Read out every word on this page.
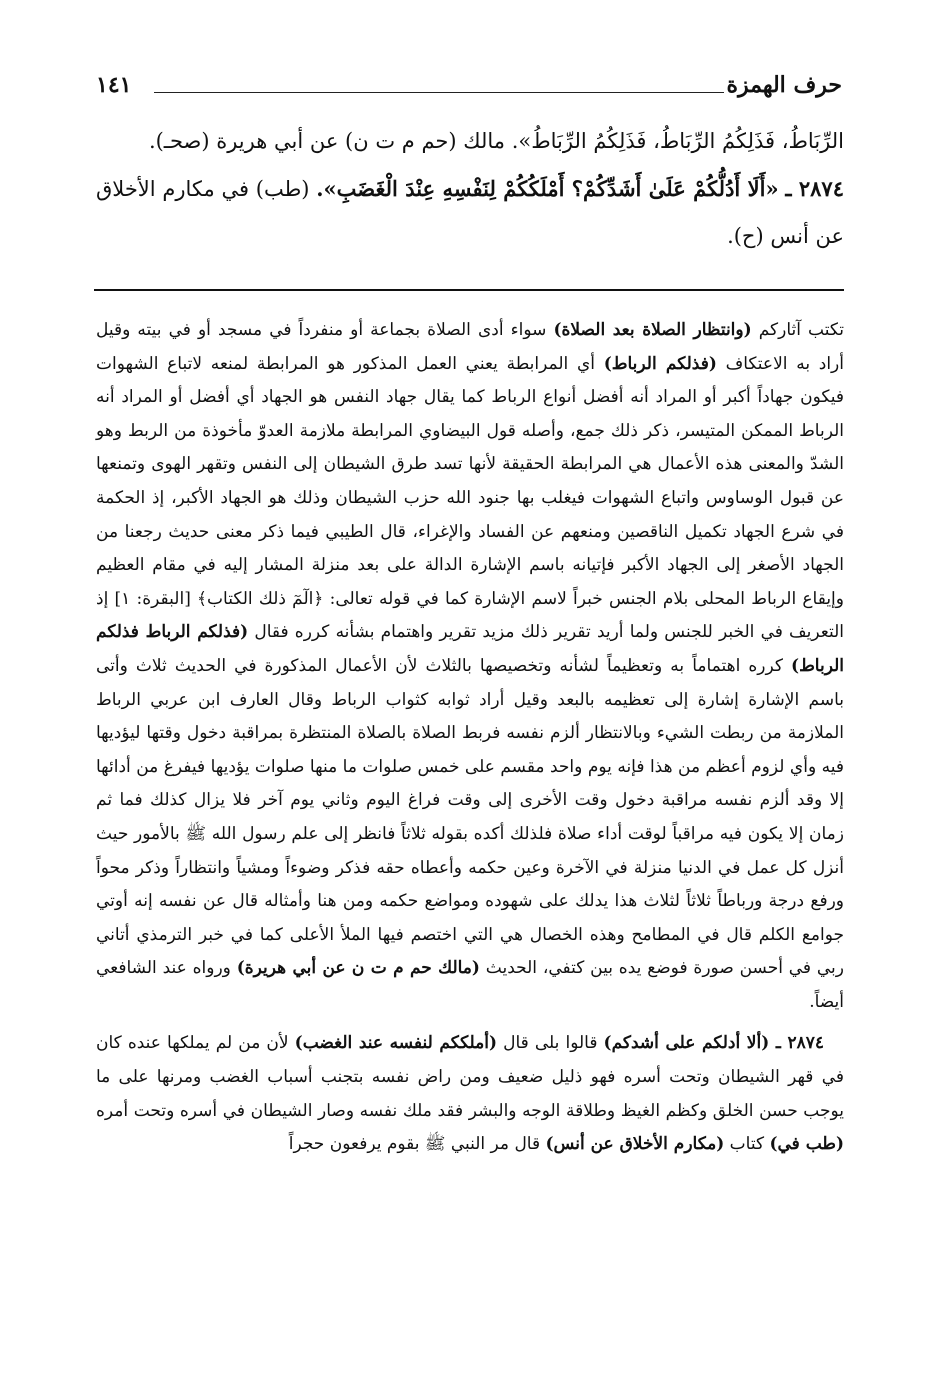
حرف الهمزة
١٤١

الرِّبَاطُ، فَذَلِكُمُ الرِّبَاطُ، فَذَلِكُمُ الرِّبَاطُ». مالك (حم م ت ن) عن أبي هريرة (صحـ).

٢٨٧٤ ـ «أَلَا أَدُلُّكُمْ عَلَىٰ أَشَدِّكُمْ؟ أَمْلَكُكُمْ لِنَفْسِهِ عِنْدَ الْغَضَبِ». (طب) في مكارم الأخلاق عن أنس (ح).

تكتب آثاركم (وانتظار الصلاة بعد الصلاة) سواء أدى الصلاة بجماعة أو منفرداً في مسجد أو في بيته وقيل أراد به الاعتكاف (فذلكم الرباط) أي المرابطة يعني العمل المذكور هو المرابطة لمنعه لاتباع الشهوات فيكون جهاداً أكبر أو المراد أنه أفضل أنواع الرباط كما يقال جهاد النفس هو الجهاد أي أفضل أو المراد أنه الرباط الممكن المتيسر، ذكر ذلك جمع، وأصله قول البيضاوي المرابطة ملازمة العدوّ مأخوذة من الربط وهو الشدّ والمعنى هذه الأعمال هي المرابطة الحقيقة لأنها تسد طرق الشيطان إلى النفس وتقهر الهوى وتمنعها عن قبول الوساوس واتباع الشهوات فيغلب بها جنود الله حزب الشيطان وذلك هو الجهاد الأكبر، إذ الحكمة في شرع الجهاد تكميل الناقصين ومنعهم عن الفساد والإغراء، قال الطيبي فيما ذكر معنى حديث رجعنا من الجهاد الأصغر إلى الجهاد الأكبر فإتيانه باسم الإشارة الدالة على بعد منزلة المشار إليه في مقام العظيم وإيقاع الرباط المحلى بلام الجنس خبراً لاسم الإشارة كما في قوله تعالى: ﴿الٓمٓ ذلك الكتاب﴾ [البقرة: ١] إذ التعريف في الخبر للجنس ولما أريد تقرير ذلك مزيد تقرير واهتمام بشأنه كرره فقال (فذلكم الرباط فذلكم الرباط) كرره اهتماماً به وتعظيماً لشأنه وتخصيصها بالثلاث لأن الأعمال المذكورة في الحديث ثلاث وأتى باسم الإشارة إشارة إلى تعظيمه بالبعد وقيل أراد ثوابه كثواب الرباط وقال العارف ابن عربي الرباط الملازمة من ربطت الشيء وبالانتظار ألزم نفسه فربط الصلاة بالصلاة المنتظرة بمراقبة دخول وقتها ليؤديها فيه وأي لزوم أعظم من هذا فإنه يوم واحد مقسم على خمس صلوات ما منها صلوات يؤديها فيفرغ من أدائها إلا وقد ألزم نفسه مراقبة دخول وقت الأخرى إلى وقت فراغ اليوم وثاني يوم آخر فلا يزال كذلك فما ثم زمان إلا يكون فيه مراقباً لوقت أداء صلاة فلذلك أكده بقوله ثلاثاً فانظر إلى علم رسول الله ﷺ بالأمور حيث أنزل كل عمل في الدنيا منزلة في الآخرة وعين حكمه وأعطاه حقه فذكر وضوءاً ومشياً وانتظاراً وذكر محواً ورفع درجة ورباطاً ثلاثاً لثلاث هذا يدلك على شهوده ومواضع حكمه ومن هنا وأمثاله قال عن نفسه إنه أوتي جوامع الكلم قال في المطامح وهذه الخصال هي التي اختصم فيها الملأ الأعلى كما في خبر الترمذي أتاني ربي في أحسن صورة فوضع يده بين كتفي، الحديث (مالك حم م ت ن عن أبي هريرة) ورواه عند الشافعي أيضاً.

٢٨٧٤ ـ (ألا أدلكم على أشدكم) قالوا بلى قال (أملككم لنفسه عند الغضب) لأن من لم يملكها عنده كان في قهر الشيطان وتحت أسره فهو ذليل ضعيف ومن راض نفسه بتجنب أسباب الغضب ومرنها على ما يوجب حسن الخلق وكظم الغيظ وطلاقة الوجه والبشر فقد ملك نفسه وصار الشيطان في أسره وتحت أمره (طب في) كتاب (مكارم الأخلاق عن أنس) قال مر النبي ﷺ بقوم يرفعون حجراً
